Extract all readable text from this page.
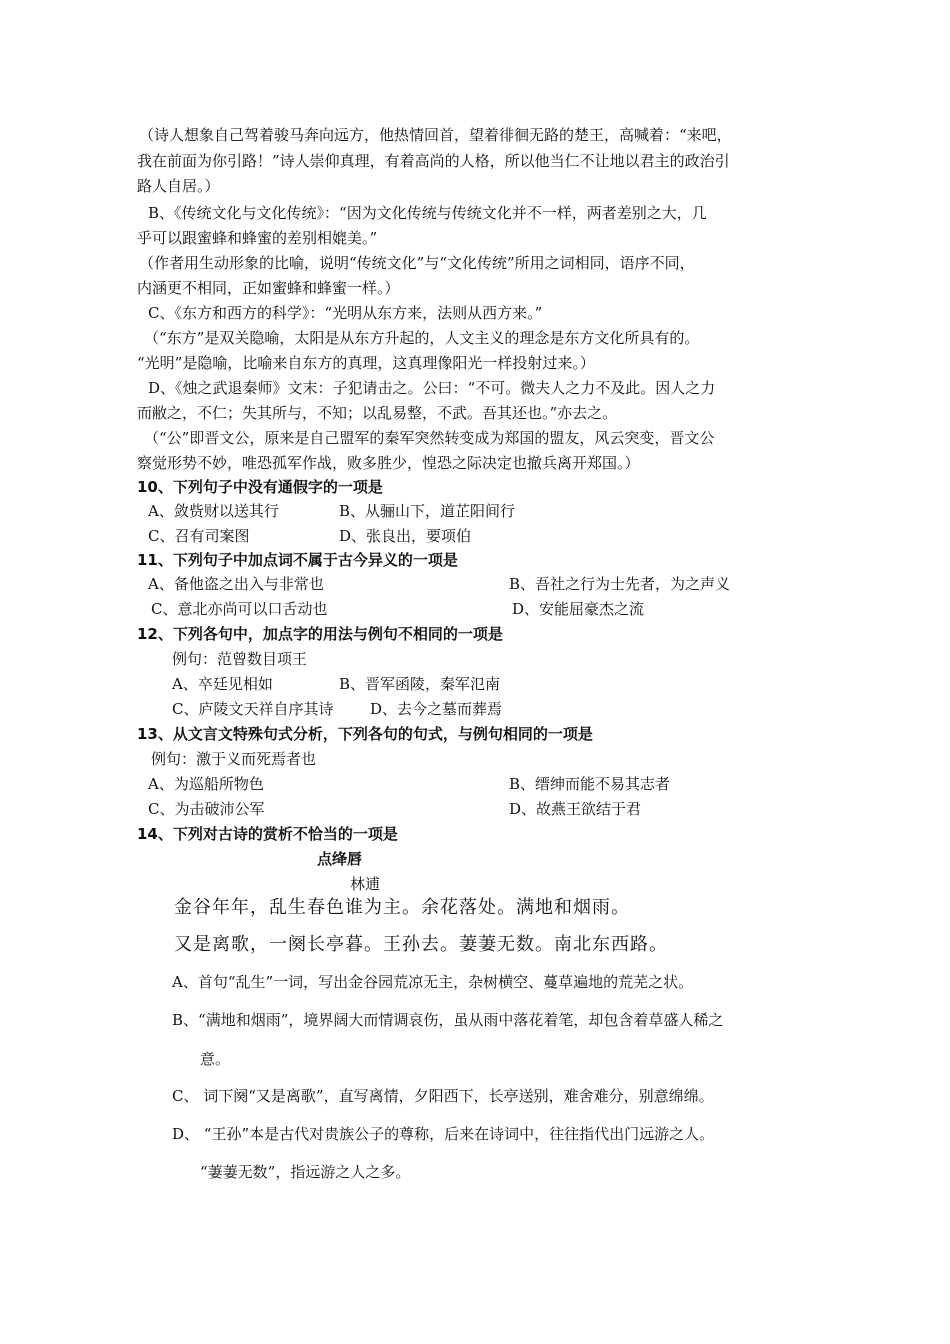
（诗人想象自己驾着骏马奔向远方，他热情回首，望着徘徊无路的楚王，高喊着：“来吧，
我在前面为你引路！”诗人崇仰真理，有着高尚的人格，所以他当仁不让地以君主的政治引
路人自居。）
B、《传统文化与文化传统》：“因为文化传统与传统文化并不一样，两者差别之大，几
乎可以跟蜜蜂和蜂蜜的差别相媲美。”
（作者用生动形象的比喻，说明“传统文化”与“文化传统”所用之词相同，语序不同，
内涵更不相同，正如蜜蜂和蜂蜜一样。）
C、《东方和西方的科学》：“光明从东方来，法则从西方来。”
（“东方”是双关隐喻，太阳是从东方升起的，人文主义的理念是东方文化所具有的。
“光明”是隐喻，比喻来自东方的真理，这真理像阳光一样投射过来。）
D、《烛之武退秦师》文末：子犯请击之。公曰：“不可。微夫人之力不及此。因人之力
而敝之，不仁；失其所与，不知；以乱易整，不武。吾其还也。”亦去之。
（“公”即晋文公，原来是自己盟军的秦军突然转变成为郑国的盟友，风云突变，晋文公
察觉形势不妙，唯恐孤军作战，败多胜少，惶恐之际决定也撤兵离开郑国。）
10、下列句子中没有通假字的一项是
A、敛赀财以送其行	B、从骊山下，道芷阳间行
C、召有司案图	D、张良出，要项伯
11、下列句子中加点词不属于古今异义的一项是
A、备他盗之出入与非常也	B、吾社之行为士先者，为之声义
C、意北亦尚可以口舌动也	D、安能屈豪杰之流
12、下列各句中，加点字的用法与例句不相同的一项是
例句：范曾数目项王
A、卒廷见相如	B、晋军函陵，秦军氾南
C、庐陵文天祥自序其诗 D、去今之墓而葬焉
13、从文言文特殊句式分析，下列各句的句式，与例句相同的一项是
例句：激于义而死焉者也
A、为巡船所物色	B、缙绅而能不易其志者
C、为击破沛公军	D、故燕王欲结于君
14、下列对古诗的赏析不恰当的一项是
点绛唇
林逋
金谷年年，乱生春色谁为主。余花落处。满地和烟雨。
又是离歌，一阕长亭暮。王孙去。萋萋无数。南北东西路。
A、首句“乱生”一词，写出金谷园荒凉无主，杂树横空、蔓草遍地的荒芜之状。
B、“满地和烟雨”，境界阔大而情调哀伤，虽从雨中落花着笔，却包含着草盛人稀之
意。
C、 词下阕“又是离歌”，直写离情，夕阳西下，长亭送别，难舍难分，别意绵绵。
D、 “王孙”本是古代对贵族公子的尊称，后来在诗词中，往往指代出门远游之人。
“萋萋无数”，指远游之人之多。
